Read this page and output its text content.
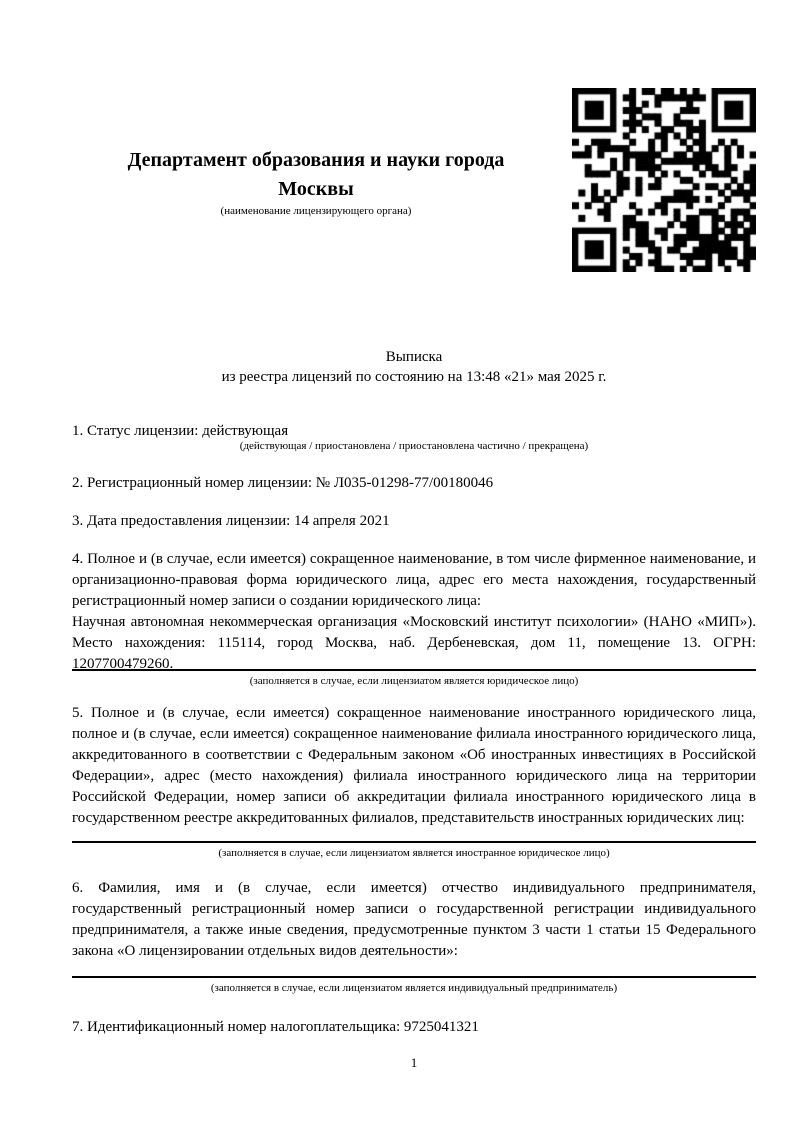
Департамент образования и науки города
Москвы
(наименование лицензирующего органа)
Выписка
из реестра лицензий по состоянию на 13:48 «21» мая 2025 г.
1. Статус лицензии: действующая
(действующая / приостановлена / приостановлена частично / прекращена)
2. Регистрационный номер лицензии: № Л035-01298-77/00180046
3. Дата предоставления лицензии: 14 апреля 2021

4. Полное и (в случае, если имеется) сокращенное наименование, в том числе фирменное наименование, и организационно-правовая форма юридического лица, адрес его места нахождения, государственный регистрационный номер записи о создании юридического лица:

Научная автономная некоммерческая организация «Московский институт психологии» (НАНО «МИП»). Место нахождения: 115114, город Москва, наб. Дербеневская, дом 11, помещение 13. ОГРН: 1207700479260.

(заполняется в случае, если лицензиатом является юридическое лицо)

5. Полное и (в случае, если имеется) сокращенное наименование иностранного юридического лица, полное и (в случае, если имеется) сокращенное наименование филиала иностранного юридического лица, аккредитованного в соответствии с Федеральным законом «Об иностранных инвестициях в Российской Федерации», адрес (место нахождения) филиала иностранного юридического лица на территории Российской Федерации, номер записи об аккредитации филиала иностранного юридического лица в государственном реестре аккредитованных филиалов, представительств иностранных юридических лиц:

(заполняется в случае, если лицензиатом является иностранное юридическое лицо)

6. Фамилия, имя и (в случае, если имеется) отчество индивидуального предпринимателя, государственный регистрационный номер записи о государственной регистрации индивидуального предпринимателя, а также иные сведения, предусмотренные пунктом 3 части 1 статьи 15 Федерального закона «О лицензировании отдельных видов деятельности»:

(заполняется в случае, если лицензиатом является индивидуальный предприниматель)
7. Идентификационный номер налогоплательщика: 9725041321
1
